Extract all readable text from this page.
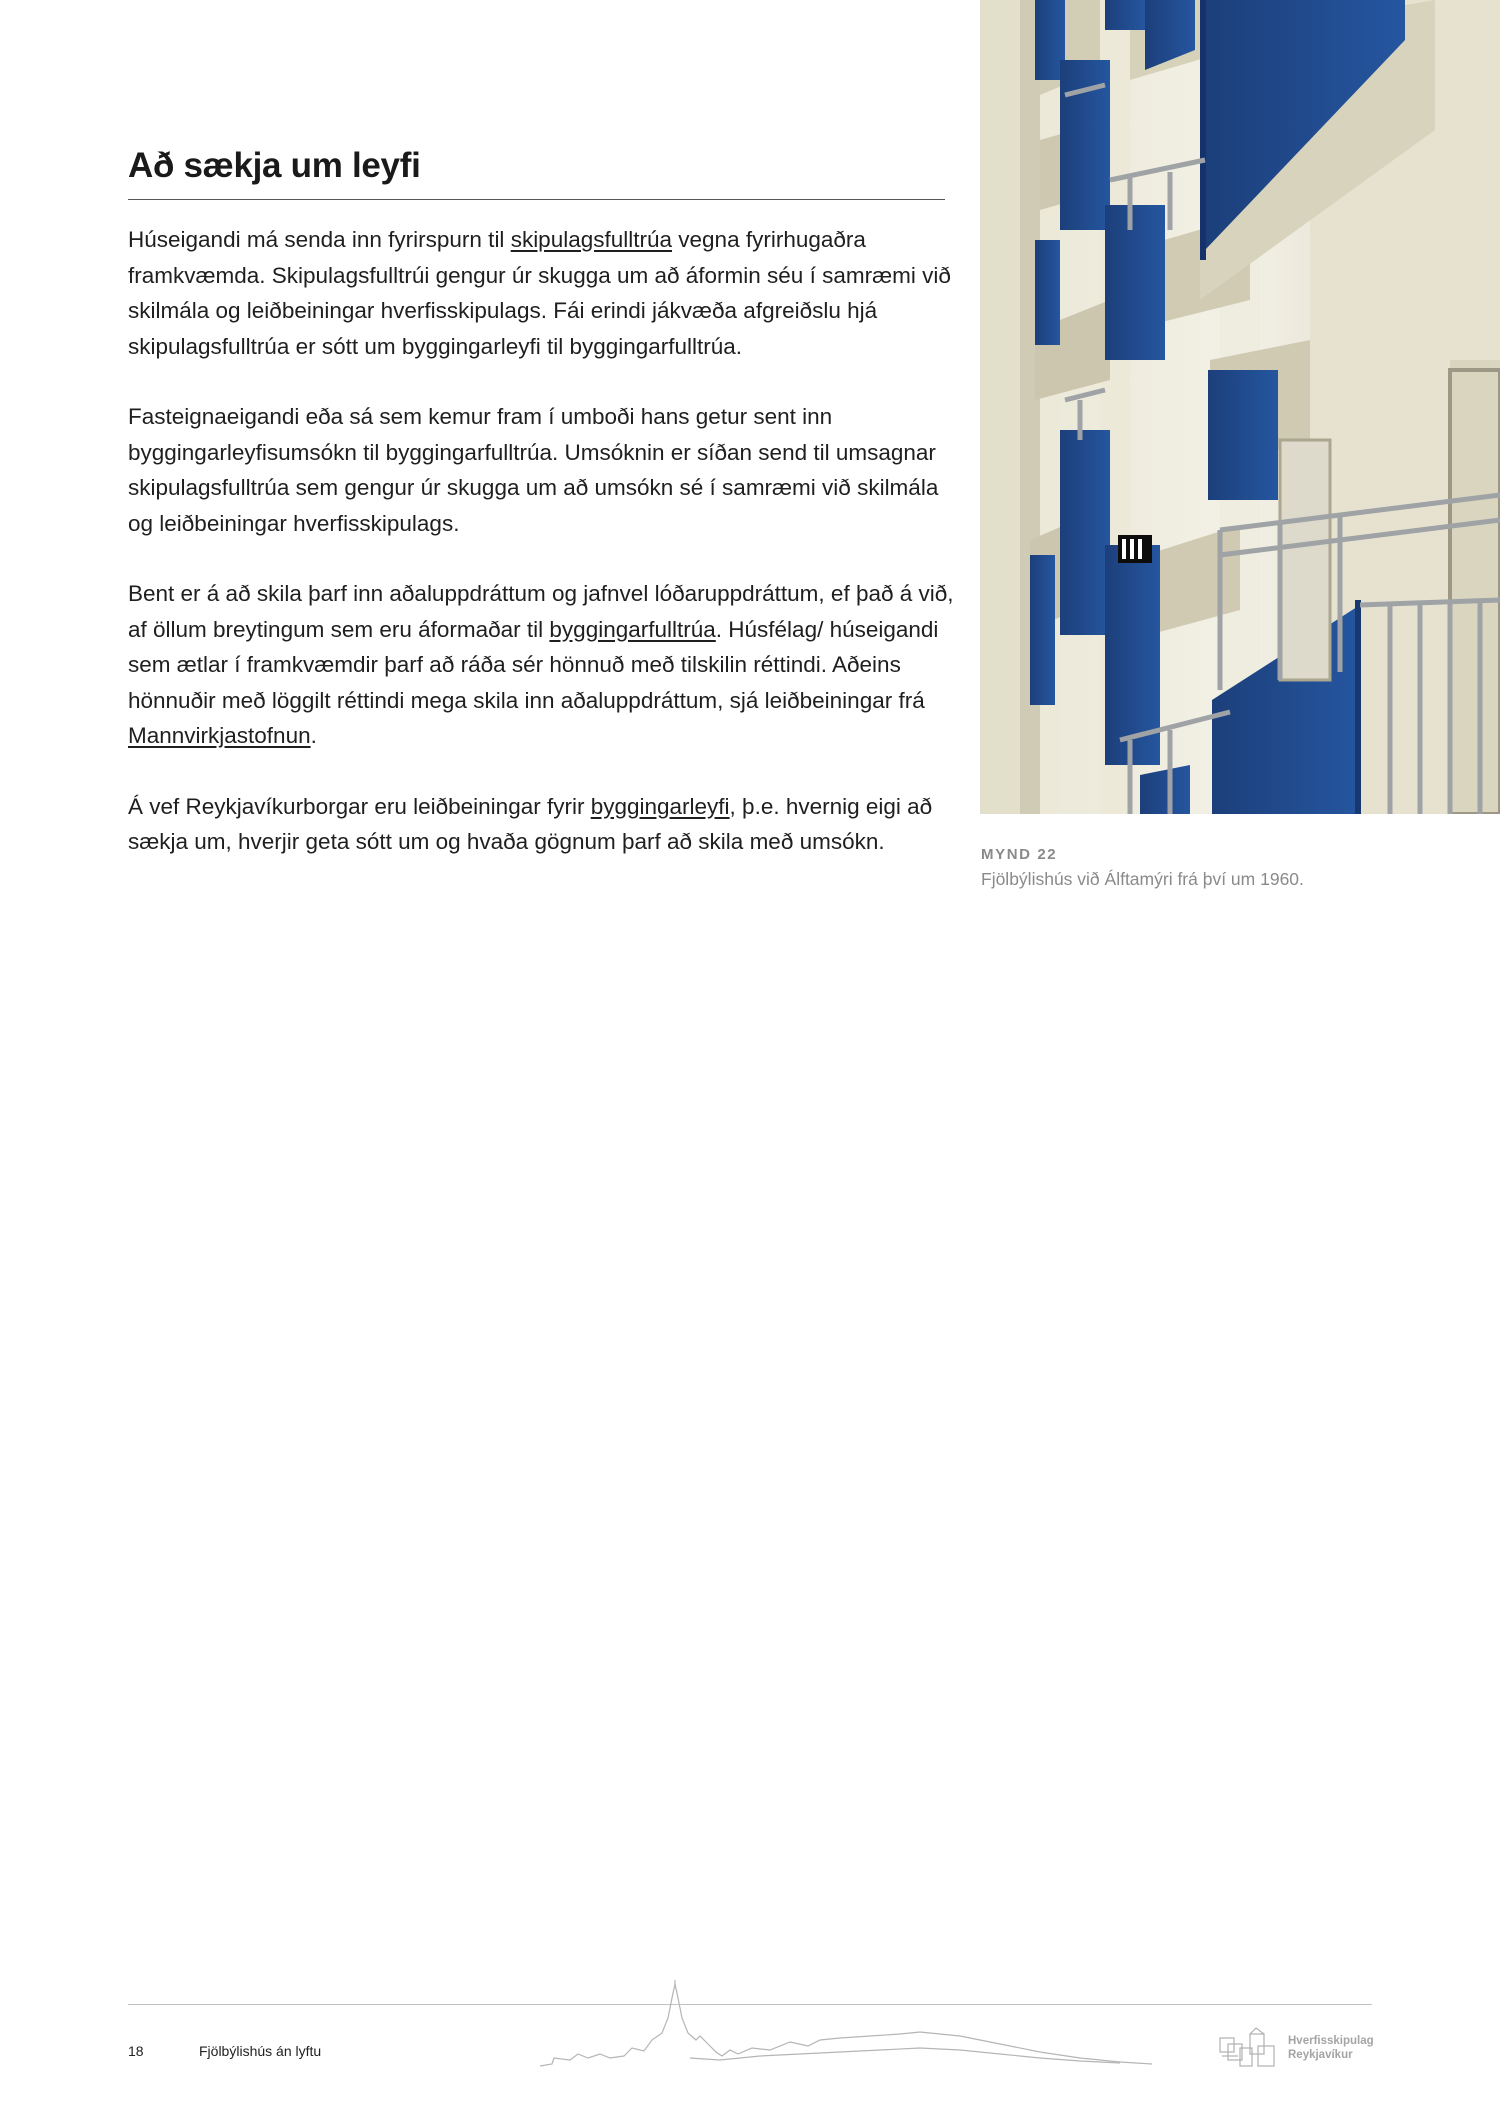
Að sækja um leyfi

Húseigandi má senda inn fyrirspurn til skipulagsfulltrúa vegna fyrirhugaðra framkvæmda. Skipulagsfulltrúi gengur úr skugga um að áformin séu í samræmi við skilmála og leiðbeiningar hverfisskipulags. Fái erindi jákvæða afgreiðslu hjá skipulagsfulltrúa er sótt um byggingarleyfi til byggingarfulltrúa.

Fasteignaeigandi eða sá sem kemur fram í umboði hans getur sent inn byggingarleyfisumsókn til byggingarfulltrúa. Umsóknin er síðan send til umsagnar skipulagsfulltrúa sem gengur úr skugga um að umsókn sé í samræmi við skilmála og leiðbeiningar hverfisskipulags.

Bent er á að skila þarf inn aðaluppdráttum og jafnvel lóðaruppdráttum, ef það á við, af öllum breytingum sem eru áformaðar til byggingarfulltrúa. Húsfélag/ húseigandi sem ætlar í framkvæmdir þarf að ráða sér hönnuð með tilskilin réttindi. Aðeins hönnuðir með löggilt réttindi mega skila inn aðaluppdráttum, sjá leiðbeiningar frá Mannvirkjastofnun.

Á vef Reykjavíkurborgar eru leiðbeiningar fyrir byggingarleyfi, þ.e. hvernig eigi að sækja um, hverjir geta sótt um og hvaða gögnum þarf að skila með umsókn.

MYND 22
Fjölbýlishús við Álftamýri frá því um 1960.
18	Fjölbýlishús án lyftu
Hverfisskipulag
Reykjavíkur
